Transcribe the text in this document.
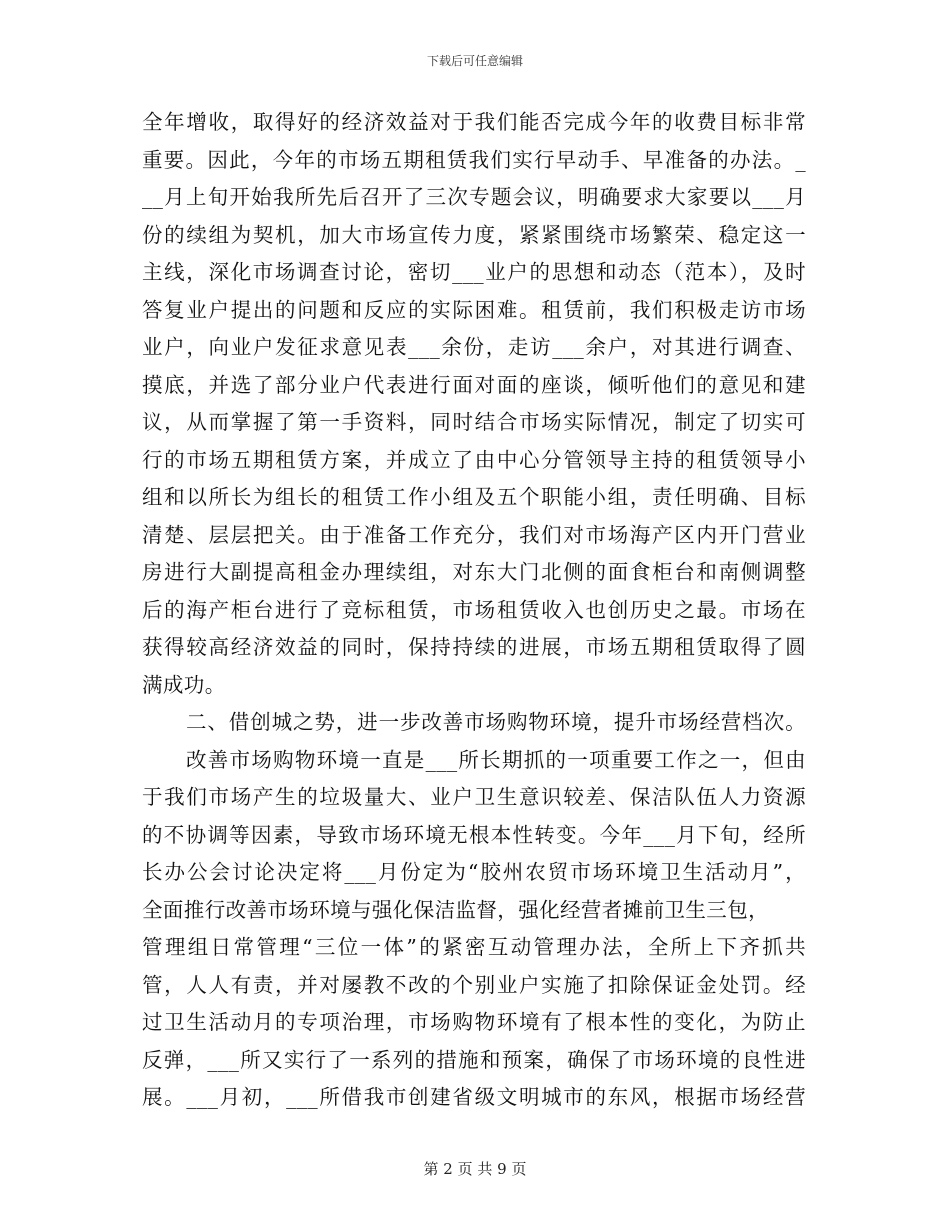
下载后可任意编辑
全年增收，取得好的经济效益对于我们能否完成今年的收费目标非常
重要。因此，今年的市场五期租赁我们实行早动手、早准备的办法。_
__月上旬开始我所先后召开了三次专题会议，明确要求大家要以___月
份的续组为契机，加大市场宣传力度，紧紧围绕市场繁荣、稳定这一
主线，深化市场调查讨论，密切___业户的思想和动态（范本），及时
答复业户提出的问题和反应的实际困难。租赁前，我们积极走访市场
业户，向业户发征求意见表___余份，走访___余户，对其进行调查、
摸底，并选了部分业户代表进行面对面的座谈，倾听他们的意见和建
议，从而掌握了第一手资料，同时结合市场实际情况，制定了切实可
行的市场五期租赁方案，并成立了由中心分管领导主持的租赁领导小
组和以所长为组长的租赁工作小组及五个职能小组，责任明确、目标
清楚、层层把关。由于准备工作充分，我们对市场海产区内开门营业
房进行大副提高租金办理续组，对东大门北侧的面食柜台和南侧调整
后的海产柜台进行了竞标租赁，市场租赁收入也创历史之最。市场在
获得较高经济效益的同时，保持持续的进展，市场五期租赁取得了圆
满成功。
二、借创城之势，进一步改善市场购物环境，提升市场经营档次。
改善市场购物环境一直是___所长期抓的一项重要工作之一，但由
于我们市场产生的垃圾量大、业户卫生意识较差、保洁队伍人力资源
的不协调等因素，导致市场环境无根本性转变。今年___月下旬，经所
长办公会讨论决定将___月份定为“胶州农贸市场环境卫生活动月”，
全面推行改善市场环境与强化保洁监督，强化经营者摊前卫生三包，
管理组日常管理“三位一体”的紧密互动管理办法，全所上下齐抓共
管，人人有责，并对屡教不改的个别业户实施了扣除保证金处罚。经
过卫生活动月的专项治理，市场购物环境有了根本性的变化，为防止
反弹，___所又实行了一系列的措施和预案，确保了市场环境的良性进
展。___月初，___所借我市创建省级文明城市的东风，根据市场经营
第 2 页 共 9 页
